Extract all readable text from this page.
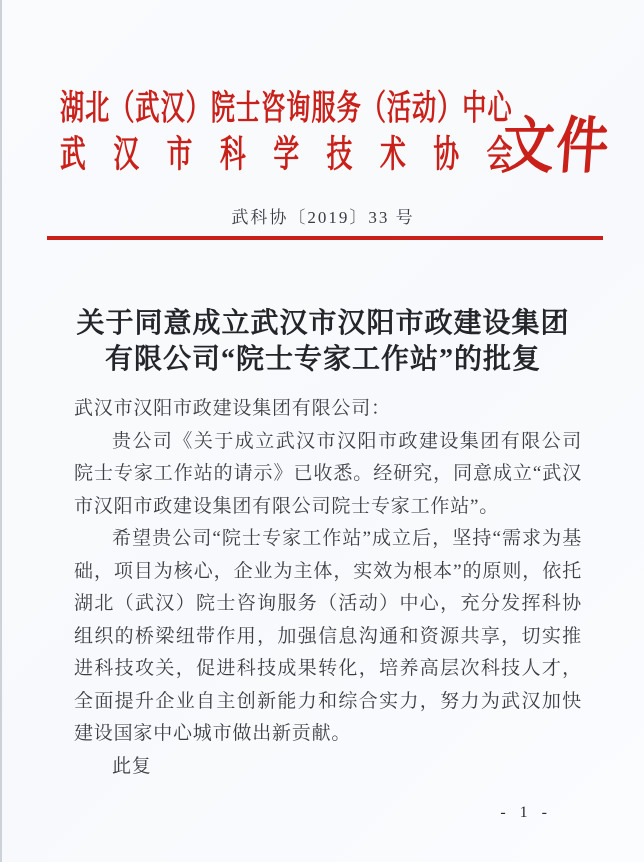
湖北（武汉）院士咨询服务（活动）中心
武汉市科学技术协会
文件
武科协〔2019〕33 号
关于同意成立武汉市汉阳市政建设集团
有限公司“院士专家工作站”的批复

武汉市汉阳市政建设集团有限公司：

贵公司《关于成立武汉市汉阳市政建设集团有限公司院士专家工作站的请示》已收悉。经研究，同意成立“武汉市汉阳市政建设集团有限公司院士专家工作站”。

希望贵公司“院士专家工作站”成立后，坚持“需求为基础，项目为核心，企业为主体，实效为根本”的原则，依托湖北（武汉）院士咨询服务（活动）中心，充分发挥科协组织的桥梁纽带作用，加强信息沟通和资源共享，切实推进科技攻关，促进科技成果转化，培养高层次科技人才，全面提升企业自主创新能力和综合实力，努力为武汉加快建设国家中心城市做出新贡献。

此复

- 1 -
